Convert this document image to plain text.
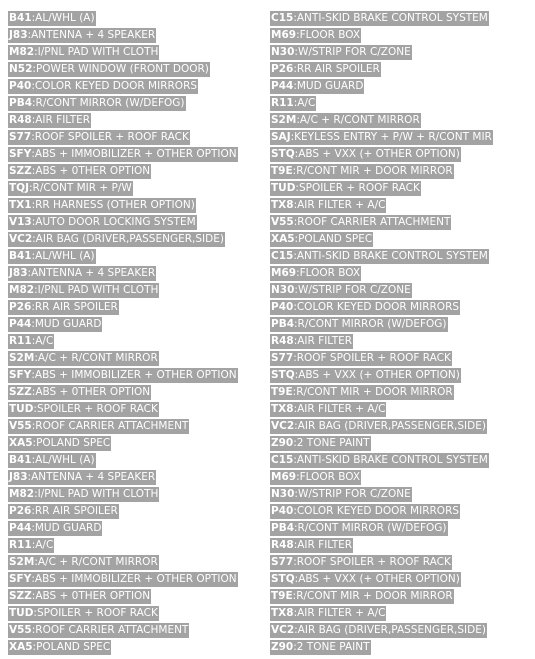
B41:AL/WHL (A)
J83:ANTENNA + 4 SPEAKER
M82:I/PNL PAD WITH CLOTH
N52:POWER WINDOW (FRONT DOOR)
P40:COLOR KEYED DOOR MIRRORS
PB4:R/CONT MIRROR (W/DEFOG)
R48:AIR FILTER
S77:ROOF SPOILER + ROOF RACK
SFY:ABS + IMMOBILIZER + OTHER OPTION
SZZ:ABS + 0THER OPTION
TQJ:R/CONT MIR + P/W
TX1:RR HARNESS (OTHER OPTION)
V13:AUTO DOOR LOCKING SYSTEM
VC2:AIR BAG (DRIVER,PASSENGER,SIDE)
B41:AL/WHL (A)
J83:ANTENNA + 4 SPEAKER
M82:I/PNL PAD WITH CLOTH
P26:RR AIR SPOILER
P44:MUD GUARD
R11:A/C
S2M:A/C + R/CONT MIRROR
SFY:ABS + IMMOBILIZER + OTHER OPTION
SZZ:ABS + 0THER OPTION
TUD:SPOILER + ROOF RACK
V55:ROOF CARRIER ATTACHMENT
XA5:POLAND SPEC
B41:AL/WHL (A)
J83:ANTENNA + 4 SPEAKER
M82:I/PNL PAD WITH CLOTH
P26:RR AIR SPOILER
P44:MUD GUARD
R11:A/C
S2M:A/C + R/CONT MIRROR
SFY:ABS + IMMOBILIZER + OTHER OPTION
SZZ:ABS + 0THER OPTION
TUD:SPOILER + ROOF RACK
V55:ROOF CARRIER ATTACHMENT
XA5:POLAND SPEC
C15:ANTI-SKID BRAKE CONTROL SYSTEM
M69:FLOOR BOX
N30:W/STRIP FOR C/ZONE
P26:RR AIR SPOILER
P44:MUD GUARD
R11:A/C
S2M:A/C + R/CONT MIRROR
SAJ:KEYLESS ENTRY + P/W + R/CONT MIR
STQ:ABS + VXX (+ OTHER OPTION)
T9E:R/CONT MIR + DOOR MIRROR
TUD:SPOILER + ROOF RACK
TX8:AIR FILTER + A/C
V55:ROOF CARRIER ATTACHMENT
XA5:POLAND SPEC
C15:ANTI-SKID BRAKE CONTROL SYSTEM
M69:FLOOR BOX
N30:W/STRIP FOR C/ZONE
P40:COLOR KEYED DOOR MIRRORS
PB4:R/CONT MIRROR (W/DEFOG)
R48:AIR FILTER
S77:ROOF SPOILER + ROOF RACK
STQ:ABS + VXX (+ OTHER OPTION)
T9E:R/CONT MIR + DOOR MIRROR
TX8:AIR FILTER + A/C
VC2:AIR BAG (DRIVER,PASSENGER,SIDE)
Z90:2 TONE PAINT
C15:ANTI-SKID BRAKE CONTROL SYSTEM
M69:FLOOR BOX
N30:W/STRIP FOR C/ZONE
P40:COLOR KEYED DOOR MIRRORS
PB4:R/CONT MIRROR (W/DEFOG)
R48:AIR FILTER
S77:ROOF SPOILER + ROOF RACK
STQ:ABS + VXX (+ OTHER OPTION)
T9E:R/CONT MIR + DOOR MIRROR
TX8:AIR FILTER + A/C
VC2:AIR BAG (DRIVER,PASSENGER,SIDE)
Z90:2 TONE PAINT
